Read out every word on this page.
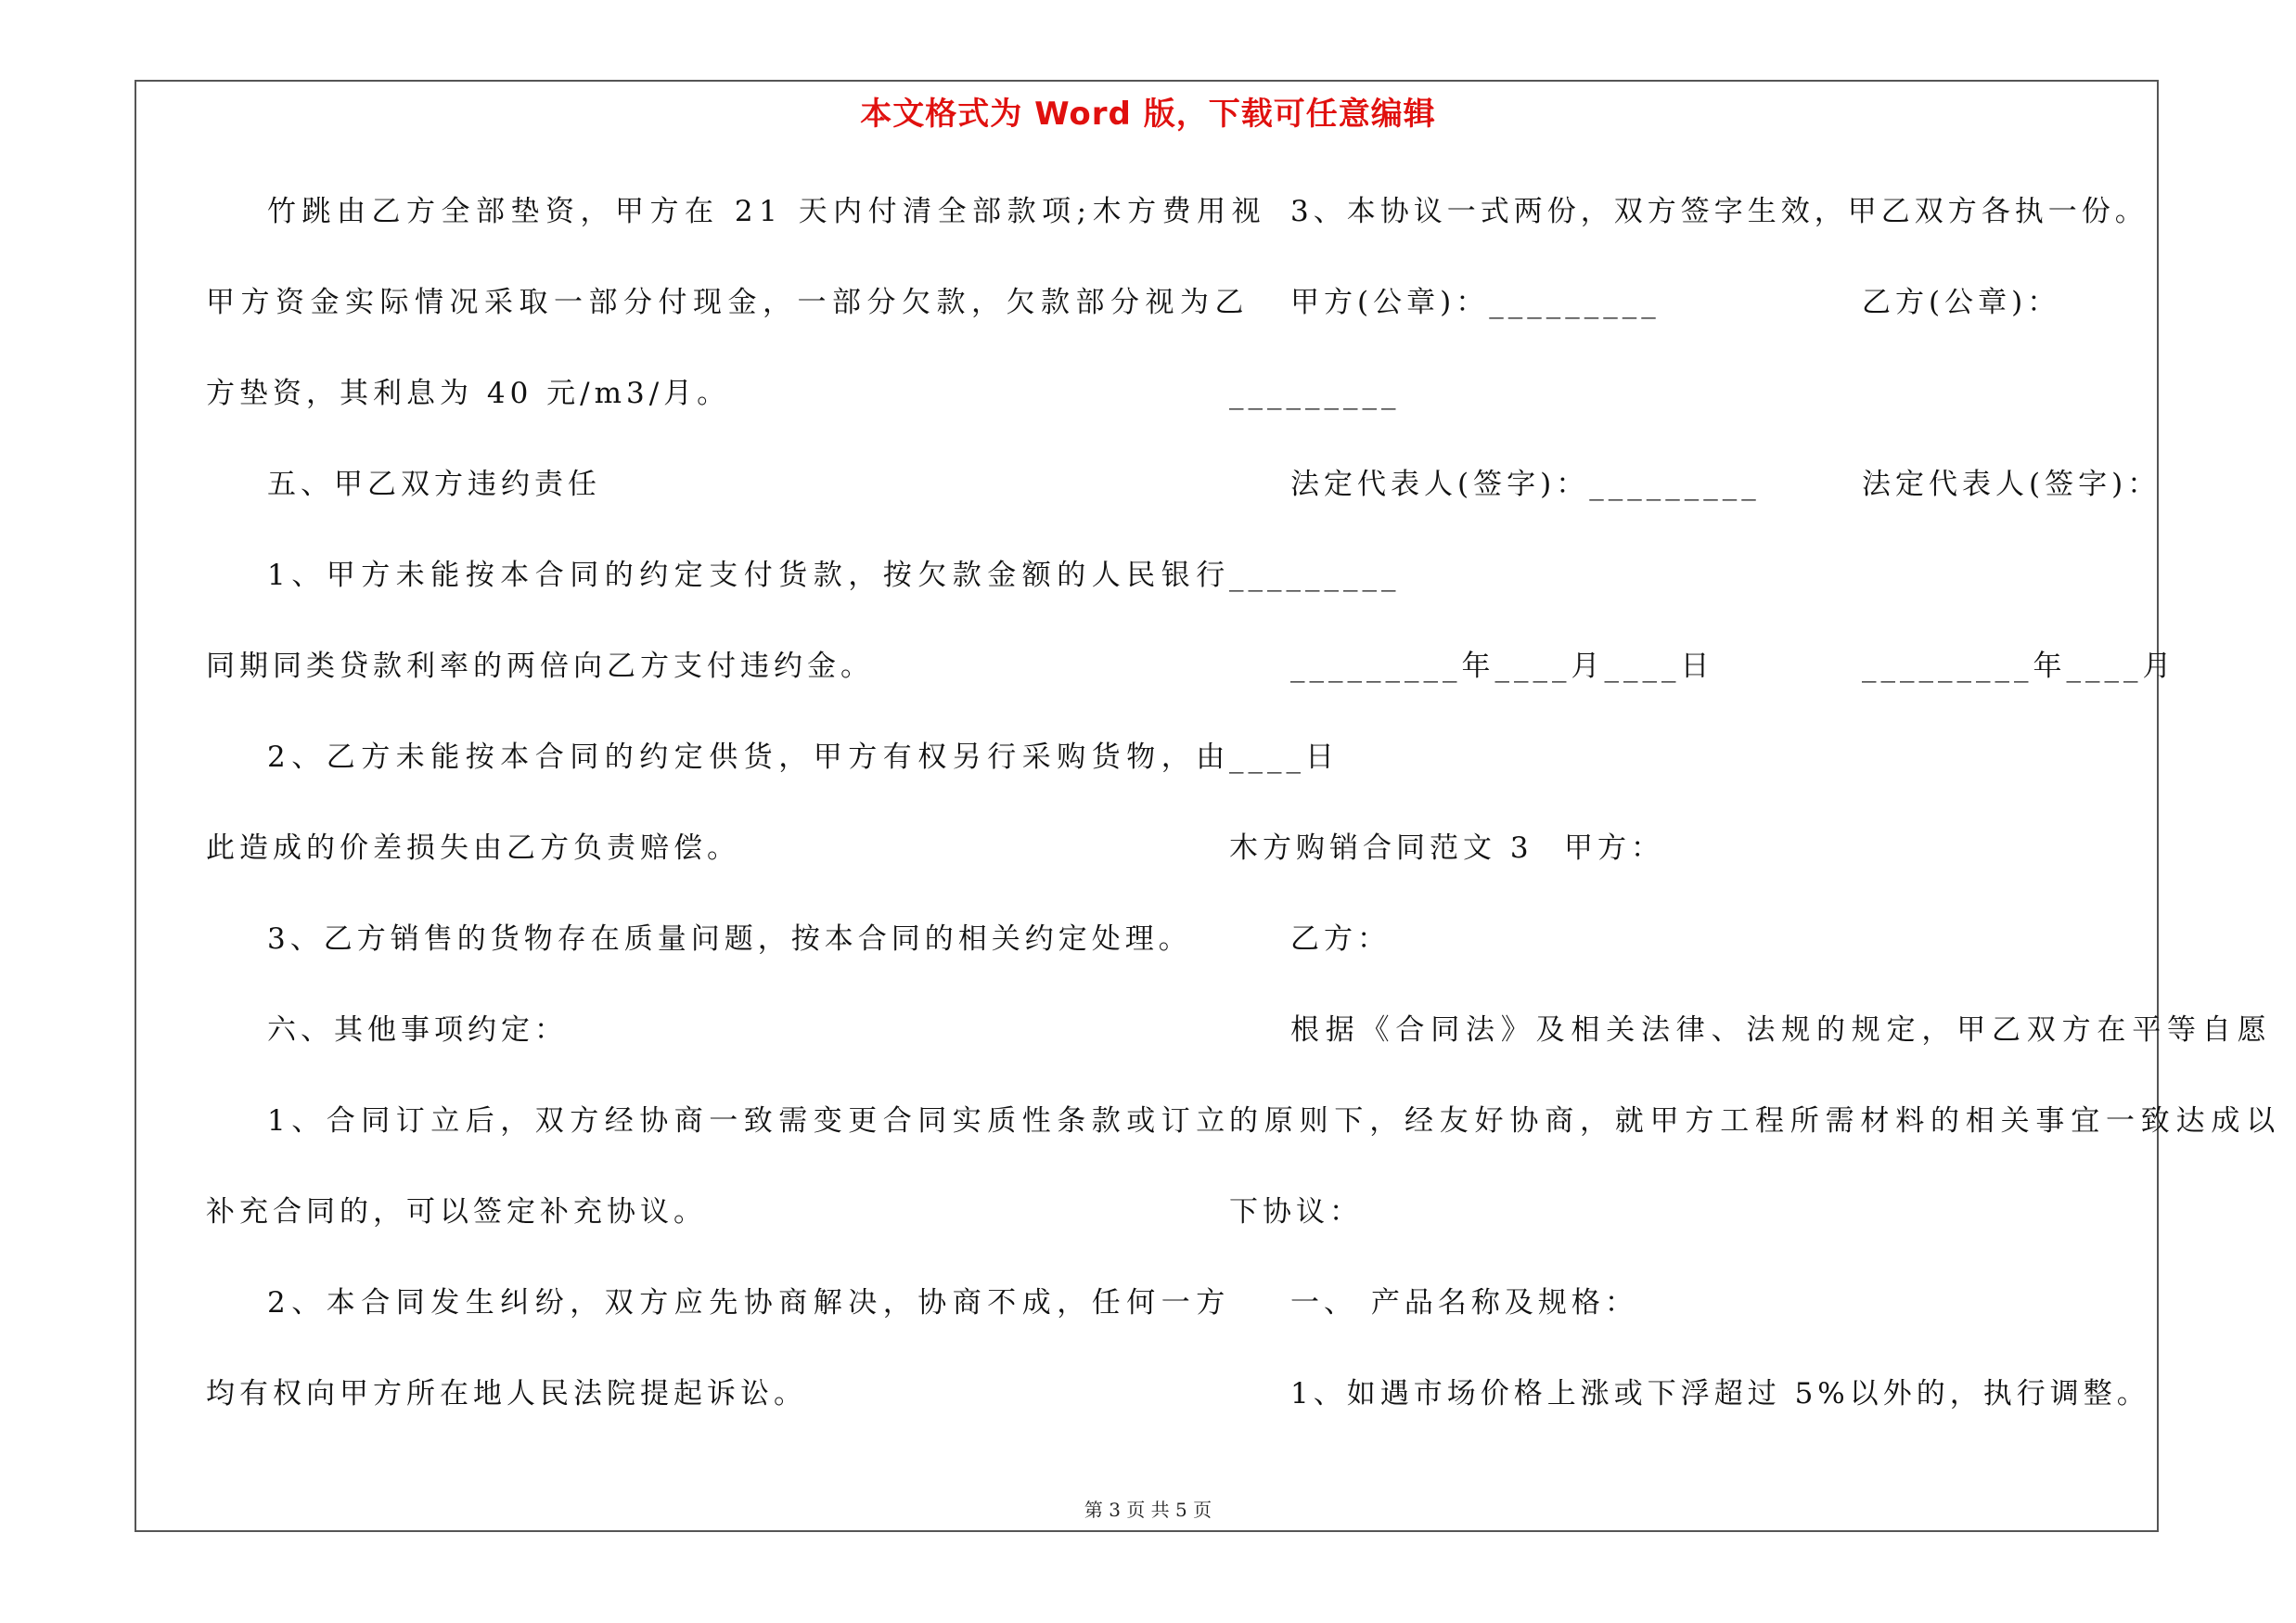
本文格式为 Word 版，下载可任意编辑
竹跳由乙方全部垫资，甲方在 21 天内付清全部款项;木方费用视
甲方资金实际情况采取一部分付现金，一部分欠款，欠款部分视为乙
方垫资，其利息为 40 元/m3/月。
五、甲乙双方违约责任
1、甲方未能按本合同的约定支付货款，按欠款金额的人民银行
同期同类贷款利率的两倍向乙方支付违约金。
2、乙方未能按本合同的约定供货，甲方有权另行采购货物，由
此造成的价差损失由乙方负责赔偿。
3、乙方销售的货物存在质量问题，按本合同的相关约定处理。
六、其他事项约定：
1、合同订立后，双方经协商一致需变更合同实质性条款或订立
补充合同的，可以签定补充协议。
2、本合同发生纠纷，双方应先协商解决，协商不成，任何一方
均有权向甲方所在地人民法院提起诉讼。
3、本协议一式两份，双方签字生效，甲乙双方各执一份。
甲方(公章)：_________	乙方(公章)：
_________
法定代表人(签字)：_________	法定代表人(签字)：
_________
_________年____月____日	_________年____月
____日
木方购销合同范文 3 甲方：
乙方：
根据《合同法》及相关法律、法规的规定，甲乙双方在平等自愿
的原则下，经友好协商，就甲方工程所需材料的相关事宜一致达成以
下协议：
一、 产品名称及规格：
1、如遇市场价格上涨或下浮超过 5%以外的，执行调整。
第 3 页 共 5 页
